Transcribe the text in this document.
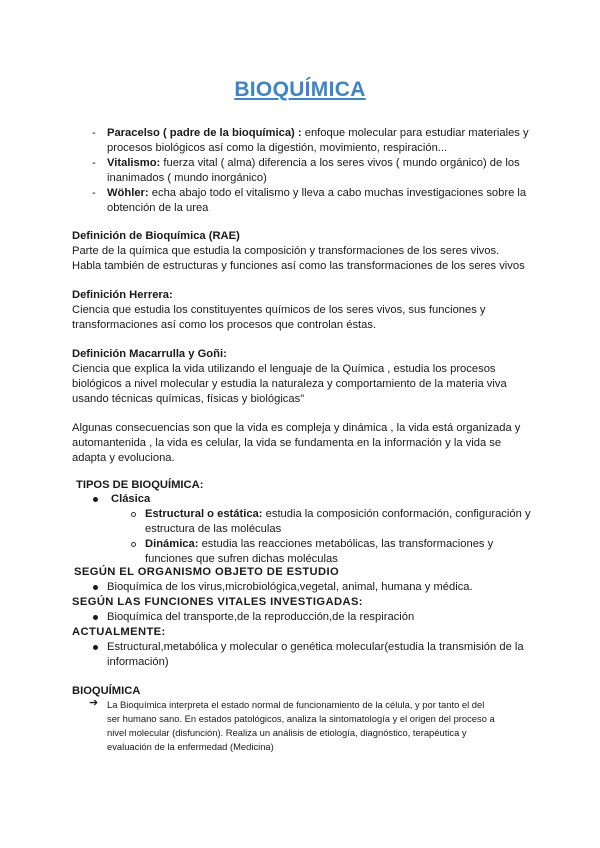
BIOQUÍMICA
- Paracelso ( padre de la bioquímica) : enfoque molecular para estudiar materiales y
procesos biológicos así como la digestión, movimiento, respiración...
- Vitalismo: fuerza vital ( alma) diferencia a los seres vivos ( mundo orgánico) de los
inanimados ( mundo inorgánico)
- Wöhler: echa abajo todo el vitalismo y lleva a cabo muchas investigaciones sobre la
obtención de la urea
Definición de Bioquímica (RAE)
Parte de la química que estudia la composición y transformaciones de los seres vivos.
Habla también de estructuras y funciones así como las transformaciones de los seres vivos
Definición Herrera:
Ciencia que estudia los constituyentes químicos de los seres vivos, sus funciones y
transformaciones así como los procesos que controlan éstas.
Definición Macarrulla y Goñi:
Ciencia que explica la vida utilizando el lenguaje de la Química , estudia los procesos
biológicos a nivel molecular y estudia la naturaleza y comportamiento de la materia viva
usando técnicas químicas, físicas y biológicas"
Algunas consecuencias son que la vida es compleja y dinámica , la vida está organizada y
automantenida , la vida es celular, la vida se fundamenta en la información y la vida se
adapta y evoluciona.
TIPOS DE BIOQUÍMICA:
Clásica
Estructural o estática: estudia la composición conformación, configuración y
estructura de las moléculas
Dinámica: estudia las reacciones metabólicas, las transformaciones y
funciones que sufren dichas moléculas
SEGÚN EL ORGANISMO OBJETO DE ESTUDIO
Bioquímica de los virus,microbiológica,vegetal, animal, humana y médica.
SEGÚN LAS FUNCIONES VITALES INVESTIGADAS:
Bioquímica del transporte,de la reproducción,de la respiración
ACTUALMENTE:
Estructural,metabólica y molecular o genética molecular(estudia la transmisión de la
información)
BIOQUÍMICA
➔ La Bioquímica interpreta el estado normal de funcionamiento de la célula, y por tanto el del
ser humano sano. En estados patológicos, analiza la sintomatología y el origen del proceso a
nivel molecular (disfunción). Realiza un análisis de etiología, diagnóstico, terapéutica y
evaluación de la enfermedad (Medicina)
